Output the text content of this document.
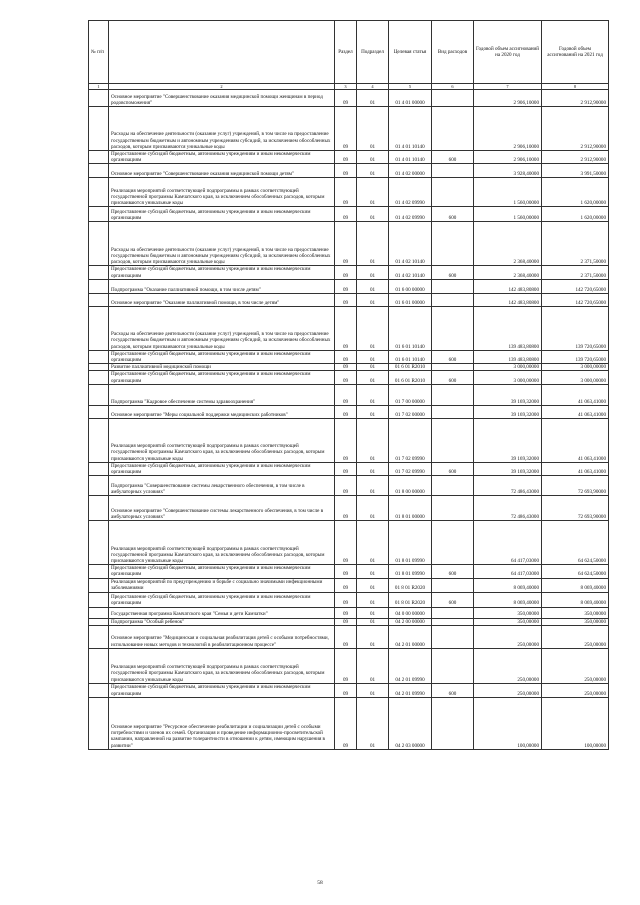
№ п/п		Раздел	Подраздел	Целевая статья	Вид расходов	Годовой объем ассигнований на 2020 год	Годовой объем ассигнований на 2021 год
1	2	3	4	5	6	7	8
	Основное мероприятие "Совершенствование оказания медицинской помощи женщинам в период родовспоможения"	09	01	01 4 01 00000		2 906,10000	2 912,90000
	Расходы на обеспечение деятельности (оказание услуг) учреждений, в том числе на предоставление государственным бюджетным и автономным учреждениям субсидий, за исключением обособленных расходов, которым присваиваются уникальные коды	09	01	01 4 01 10140		2 906,10000	2 912,90000
	Предоставление субсидий бюджетным, автономным учреждениям и иным некоммерческим организациям	09	01	01 4 01 10140	600	2 906,10000	2 912,90000
	Основное мероприятие "Совершенствование оказания медицинской помощи детям"	09	01	01 4 02 00000		3 928,40000	3 991,50000
	Реализация мероприятий соответствующей подпрограммы в рамках соответствующей государственной программы Камчатского края, за исключением обособленных расходов, которым присваиваются уникальные коды	09	01	01 4 02 09990		1 560,00000	1 620,00000
	Предоставление субсидий бюджетным, автономным учреждениям и иным некоммерческим организациям	09	01	01 4 02 09990	600	1 560,00000	1 620,00000
	Расходы на обеспечение деятельности (оказание услуг) учреждений, в том числе на предоставление государственным бюджетным и автономным учреждениям субсидий, за исключением обособленных расходов, которым присваиваются уникальные коды	09	01	01 4 02 10140		2 368,40000	2 371,50000
	Предоставление субсидий бюджетным, автономным учреждениям и иным некоммерческим организациям	09	01	01 4 02 10140	600	2 368,40000	2 371,50000
	Подпрограмма "Оказание паллиативной помощи, в том числе детям"	09	01	01 6 00 00000		142 483,80800	142 720,65000
	Основное мероприятие "Оказание паллиативной помощи, в том числе детям"	09	01	01 6 01 00000		142 483,80800	142 720,65000
	Расходы на обеспечение деятельности (оказание услуг) учреждений, в том числе на предоставление государственным бюджетным и автономным учреждениям субсидий, за исключением обособленных расходов, которым присваиваются уникальные коды	09	01	01 6 01 10140		139 483,80800	139 720,65000
	Предоставление субсидий бюджетным, автономным учреждениям и иным некоммерческим организациям	09	01	01 6 01 10140	600	139 483,80800	139 720,65000
	Развитие паллиативной медицинской помощи	09	01	01 6 01 R2010		3 000,00000	3 000,00000
	Предоставление субсидий бюджетным, автономным учреждениям и иным некоммерческим организациям	09	01	01 6 01 R2010	600	3 000,00000	3 000,00000
	Подпрограмма "Кадровое обеспечение системы здравоохранения"	09	01	01 7 00 00000		39 169,32000	41 063,41000
	Основное мероприятие "Меры социальной поддержки медицинских работников"	09	01	01 7 02 00000		39 169,32000	41 063,41000
	Реализация мероприятий соответствующей подпрограммы в рамках соответствующей государственной программы Камчатского края, за исключением обособленных расходов, которым присваиваются уникальные коды	09	01	01 7 02 09990		39 169,32000	41 063,41000
	Предоставление субсидий бюджетным, автономным учреждениям и иным некоммерческим организациям	09	01	01 7 02 09990	600	39 169,32000	41 063,41000
	Подпрограмма "Совершенствование системы лекарственного обеспечения, в том числе в амбулаторных условиях"	09	01	01 8 00 00000		72 486,43000	72 693,90000
	Основное мероприятие "Совершенствование системы лекарственного обеспечения, в том числе в амбулаторных условиях"	09	01	01 8 01 00000		72 486,43000	72 693,90000
	Реализация мероприятий соответствующей подпрограммы в рамках соответствующей государственной программы Камчатского края, за исключением обособленных расходов, которым присваиваются уникальные коды	09	01	01 8 01 09990		64 417,03000	64 624,50000
	Предоставление субсидий бюджетным, автономным учреждениям и иным некоммерческим организациям	09	01	01 8 01 09990	600	64 417,03000	64 624,50000
	Реализация мероприятий по предупреждению и борьбе с социально значимыми инфекционными заболеваниями	09	01	01 8 01 R2020		8 069,40000	8 069,40000
	Предоставление субсидий бюджетным, автономным учреждениям и иным некоммерческим организациям	09	01	01 8 01 R2020	600	8 069,40000	8 069,40000
	Государственная программа Камчатского края "Семья и дети Камчатки"	09	01	04 0 00 00000		350,00000	350,00000
	Подпрограмма "Особый ребенок"	09	01	04 2 00 00000		350,00000	350,00000
	Основное мероприятие "Медицинская и социальная реабилитация детей с особыми потребностями, использование новых методов и технологий в реабилитационном процессе"	09	01	04 2 01 00000		250,00000	250,00000
	Реализация мероприятий соответствующей подпрограммы в рамках соответствующей государственной программы Камчатского края, за исключением обособленных расходов, которым присваиваются уникальные коды	09	01	04 2 01 09990		250,00000	250,00000
	Предоставление субсидий бюджетным, автономным учреждениям и иным некоммерческим организациям	09	01	04 2 01 09990	600	250,00000	250,00000
	Основное мероприятие "Ресурсное обеспечение реабилитации и социализации детей с особыми потребностями и членов их семей. Организация и проведение информационно-просветительской кампании, направленной на развитие толерантности в отношении к детям, имеющим нарушения в развитии"	09	01	04 2 03 00000		100,00000	100,00000
58
